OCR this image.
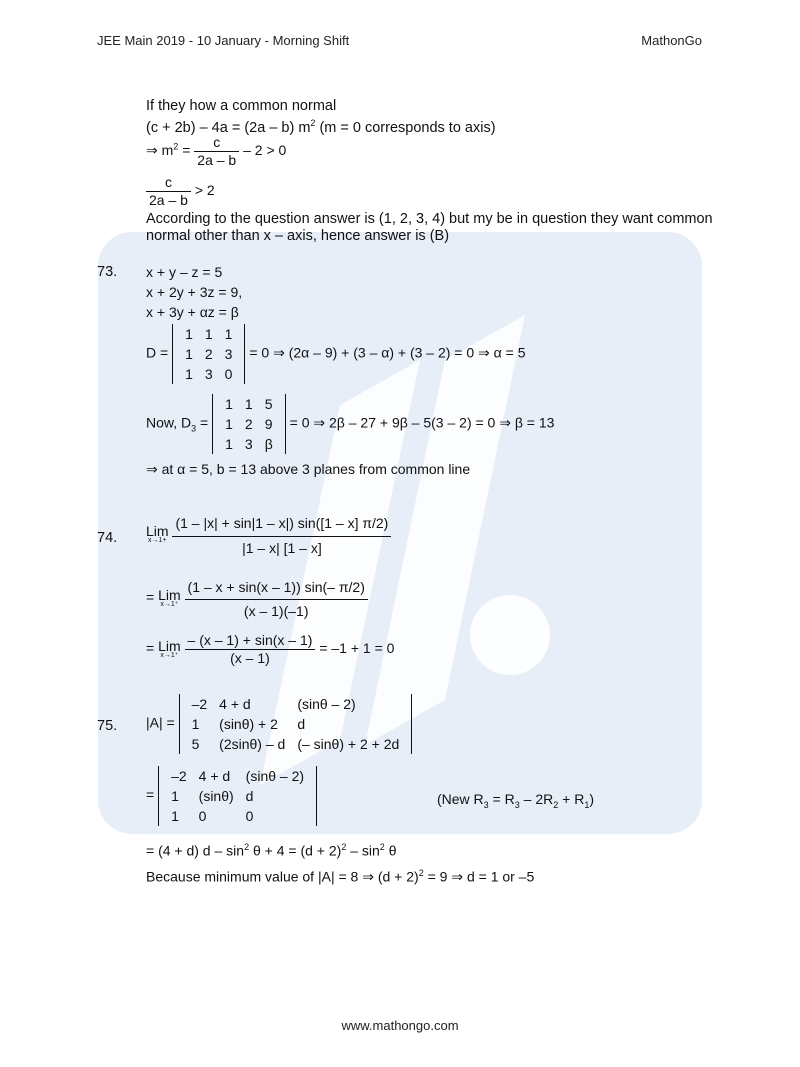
JEE Main 2019 - 10 January - Morning Shift	MathonGo
If they how a common normal
(c + 2b) – 4a = (2a – b) $m^2$ (m = 0 corresponds to axis)
⇒ $m^2 = \frac{c}{2a - b} - 2 > 0$
$\frac{c}{2a - b} > 2$
According to the question answer is (1, 2, 3, 4) but my be in question they want common
normal other than x – axis, hence answer is (B)
73. x + y – z = 5
x + 2y + 3z = 9,
x + 3y + αz = β
D =
1	1	1
1	2	3
1	3	0
= 0 ⇒ (2α – 9) + (3 – α) + (3 – 2) = 0 ⇒ α = 5
Now, $D_3$ =
1	1	5
1	2	9
1	3	β
= 0 ⇒ 2β – 27 + 9β – 5(3 – 2) = 0 ⇒ β = 13
⇒ at α = 5, b = 13 above 3 planes from common line
74. Lim
x→1+
$\frac{(1 - |x| + \sin|1 - x|) \sin([1 - x] \pi/2)}{|1 - x| [1 - x]}$
= Lim
x→1⁺
$\frac{(1 - x + \sin(x - 1)) \sin(- \pi/2)}{(x - 1)(-1)}$
= Lim
x→1⁺
$\frac{- (x - 1) + \sin(x - 1)}{(x - 1)} = -1 + 1 = 0$
75. |A| =
–2	4 + d	(sinθ – 2)
1	(sinθ) + 2	d
5	(2sinθ) – d	(– sinθ) + 2 + 2d
=
–2	4 + d	(sinθ – 2)
1	(sinθ)	d
1	0	0
(New $R_3 = R_3 - 2R_2 + R_1$)
= (4 + d) $d - \sin^2 \theta + 4 = (d + 2)^2 - \sin^2 \theta$
Because minimum value of |A| = 8 ⇒ $(d + 2)^2 = 9$ ⇒ d = 1 or –5
www.mathongo.com
